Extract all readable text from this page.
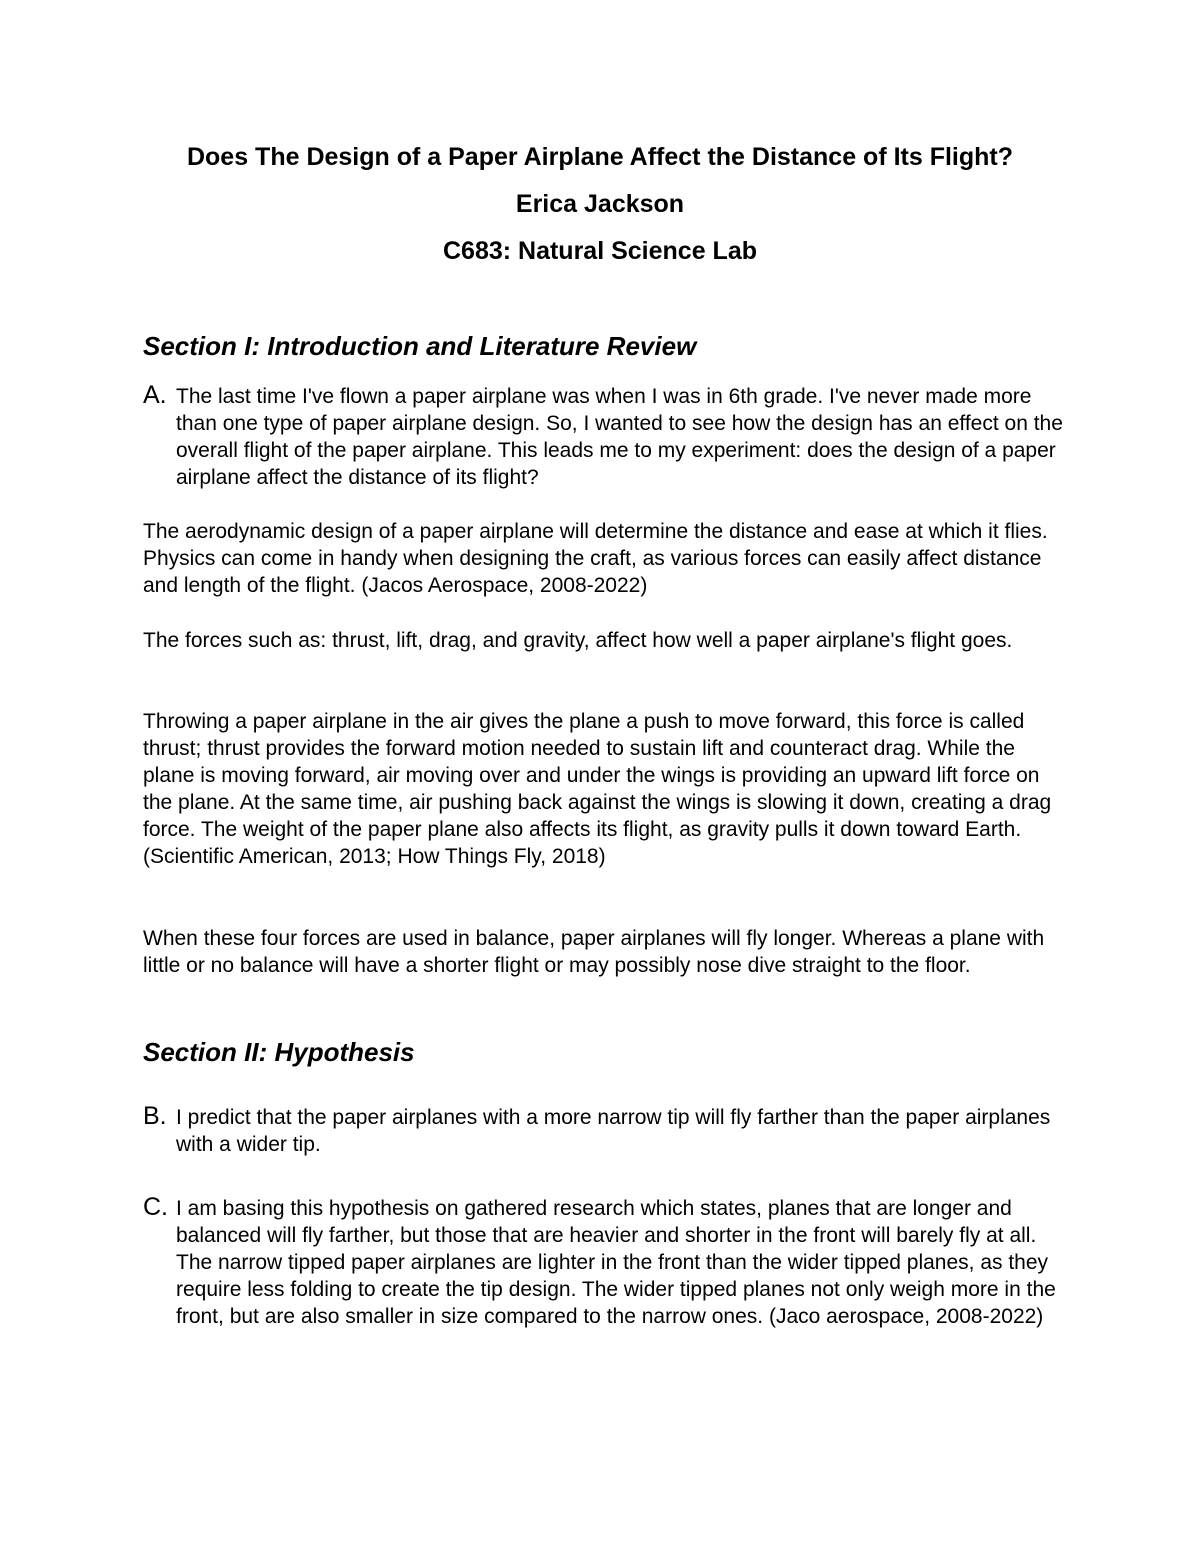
Does The Design of a Paper Airplane Affect the Distance of Its Flight?
Erica Jackson
C683: Natural Science Lab
Section I: Introduction and Literature Review
A. The last time I've flown a paper airplane was when I was in 6th grade. I've never made more than one type of paper airplane design. So, I wanted to see how the design has an effect on the overall flight of the paper airplane. This leads me to my experiment: does the design of a paper airplane affect the distance of its flight?

The aerodynamic design of a paper airplane will determine the distance and ease at which it flies. Physics can come in handy when designing the craft, as various forces can easily affect distance and length of the flight. (Jacos Aerospace, 2008-2022)

The forces such as: thrust, lift, drag, and gravity, affect how well a paper airplane's flight goes.

Throwing a paper airplane in the air gives the plane a push to move forward, this force is called thrust; thrust provides the forward motion needed to sustain lift and counteract drag. While the plane is moving forward, air moving over and under the wings is providing an upward lift force on the plane. At the same time, air pushing back against the wings is slowing it down, creating a drag force. The weight of the paper plane also affects its flight, as gravity pulls it down toward Earth. (Scientific American, 2013; How Things Fly, 2018)

When these four forces are used in balance, paper airplanes will fly longer. Whereas a plane with little or no balance will have a shorter flight or may possibly nose dive straight to the floor.

Section II: Hypothesis
B. I predict that the paper airplanes with a more narrow tip will fly farther than the paper airplanes with a wider tip.
C. I am basing this hypothesis on gathered research which states, planes that are longer and balanced will fly farther, but those that are heavier and shorter in the front will barely fly at all. The narrow tipped paper airplanes are lighter in the front than the wider tipped planes, as they require less folding to create the tip design. The wider tipped planes not only weigh more in the front, but are also smaller in size compared to the narrow ones. (Jaco aerospace, 2008-2022)
